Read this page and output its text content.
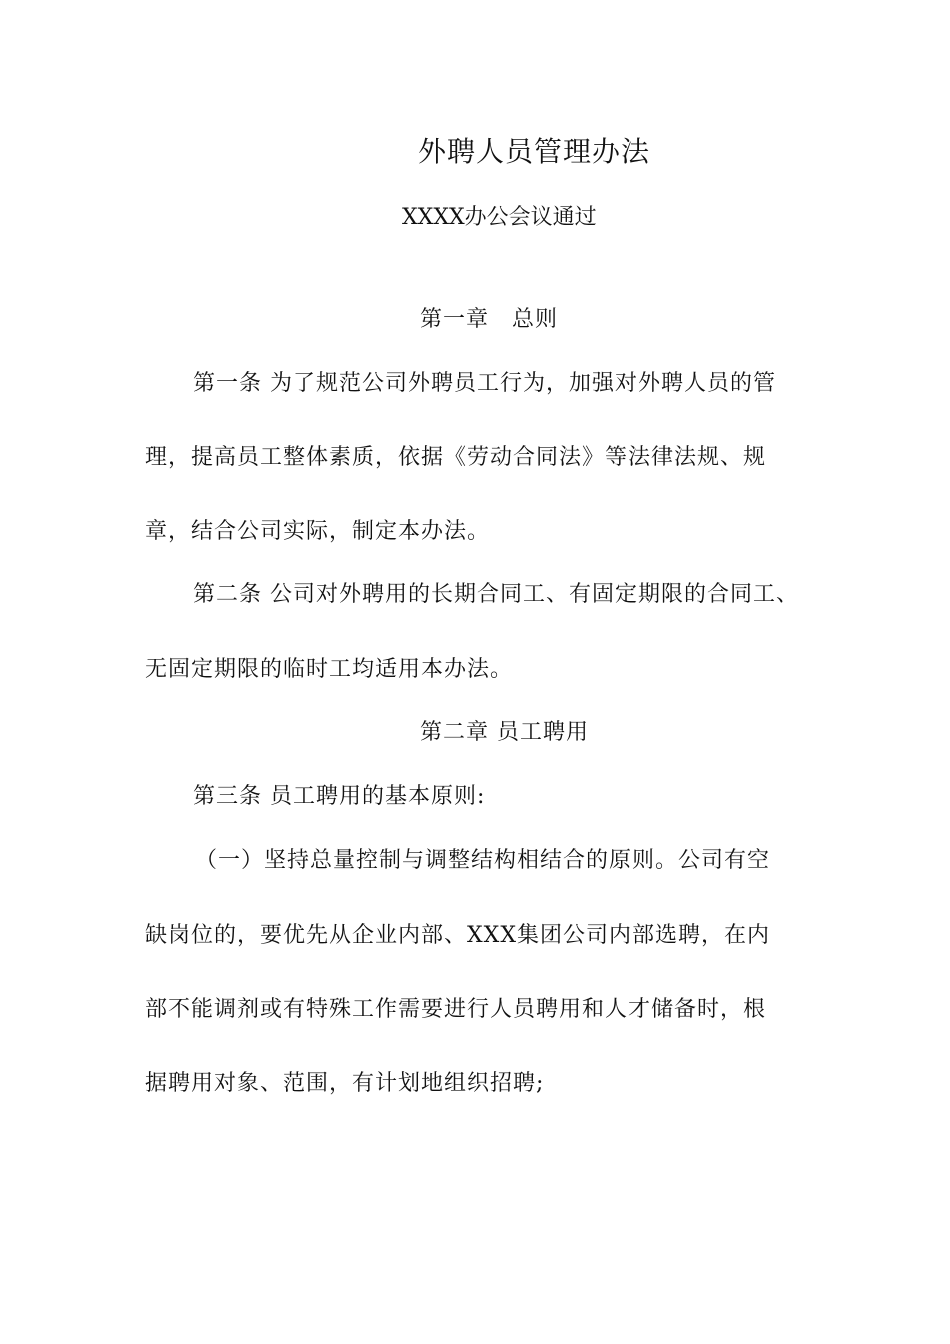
外聘人员管理办法
XXXX办公会议通过
第一章　总则
第一条 为了规范公司外聘员工行为，加强对外聘人员的管
理，提高员工整体素质，依据《劳动合同法》等法律法规、规
章，结合公司实际，制定本办法。
第二条 公司对外聘用的长期合同工、有固定期限的合同工、
无固定期限的临时工均适用本办法。
第二章 员工聘用
第三条 员工聘用的基本原则:
（一）坚持总量控制与调整结构相结合的原则。公司有空
缺岗位的，要优先从企业内部、XXX集团公司内部选聘，在内
部不能调剂或有特殊工作需要进行人员聘用和人才储备时，根
据聘用对象、范围，有计划地组织招聘;
